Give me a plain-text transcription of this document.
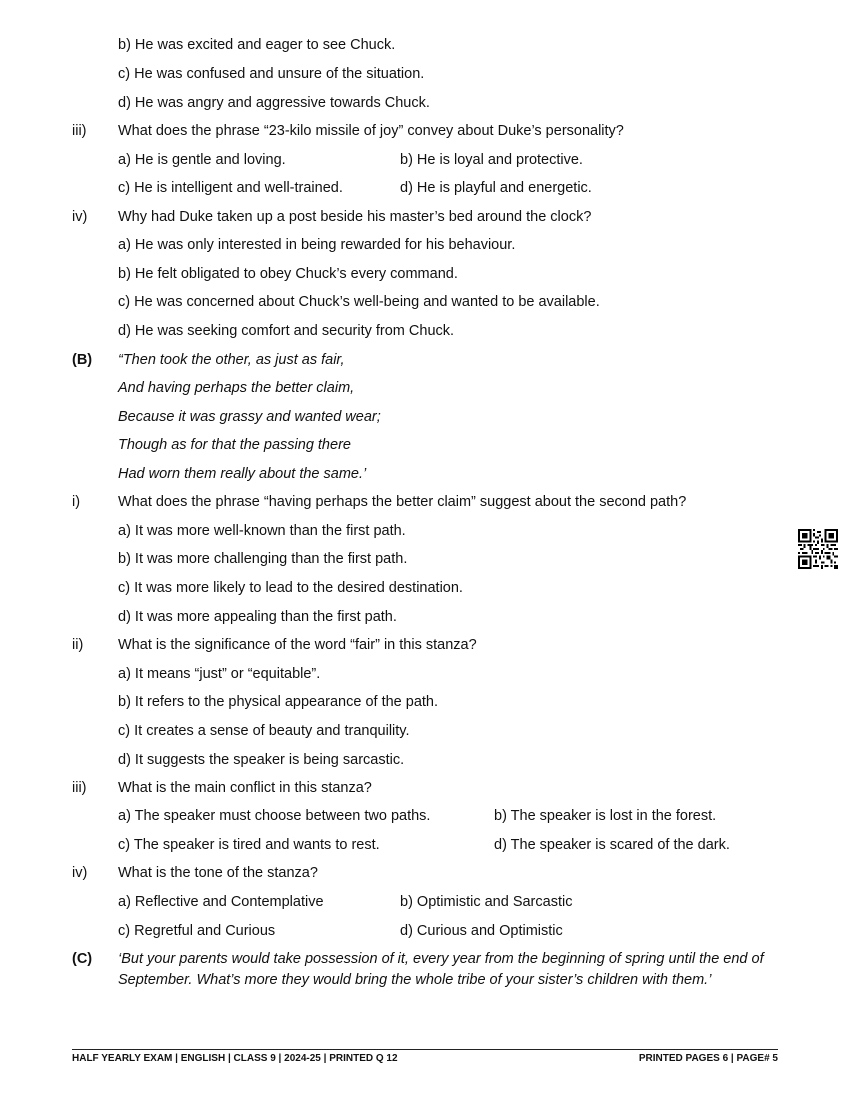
b) He was excited and eager to see Chuck.
c) He was confused and unsure of the situation.
d) He was angry and aggressive towards Chuck.
iii) What does the phrase “23-kilo missile of joy” convey about Duke’s personality?
a) He is gentle and loving.	b) He is loyal and protective.
c) He is intelligent and well-trained.	d) He is playful and energetic.
iv) Why had Duke taken up a post beside his master’s bed around the clock?
a) He was only interested in being rewarded for his behaviour.
b) He felt obligated to obey Chuck’s every command.
c) He was concerned about Chuck’s well-being and wanted to be available.
d) He was seeking comfort and security from Chuck.
(B) “Then took the other, as just as fair,
And having perhaps the better claim,
Because it was grassy and wanted wear;
Though as for that the passing there
Had worn them really about the same.’
i)	What does the phrase “having perhaps the better claim” suggest about the second path?
a) It was more well-known than the first path.
b) It was more challenging than the first path.
c) It was more likely to lead to the desired destination.
d) It was more appealing than the first path.
ii) What is the significance of the word “fair” in this stanza?
a) It means “just” or “equitable”.
b) It refers to the physical appearance of the path.
c) It creates a sense of beauty and tranquility.
d) It suggests the speaker is being sarcastic.
iii) What is the main conflict in this stanza?
a) The speaker must choose between two paths.	b) The speaker is lost in the forest.
c) The speaker is tired and wants to rest.	d) The speaker is scared of the dark.
iv) What is the tone of the stanza?
a) Reflective and Contemplative	b) Optimistic and Sarcastic
c) Regretful and Curious	d) Curious and Optimistic
(C) ‘But your parents would take possession of it, every year from the beginning of spring until the end of September. What’s more they would bring the whole tribe of your sister’s children with them.’
HALF YEARLY EXAM | ENGLISH | CLASS 9 | 2024-25 | PRINTED Q 12	PRINTED PAGES 6 | PAGE# 5
